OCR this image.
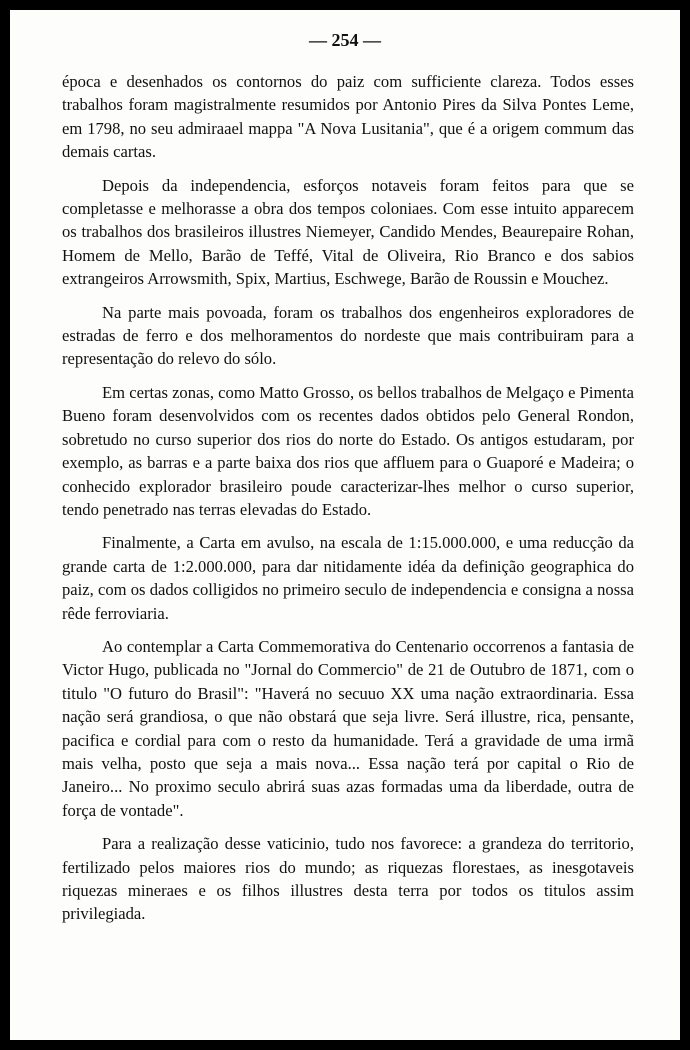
— 254 —

época e desenhados os contornos do paiz com sufficiente clareza. Todos esses trabalhos foram magistralmente resumidos por Antonio Pires da Silva Pontes Leme, em 1798, no seu admiraael mappa "A Nova Lusitania", que é a origem commum das demais cartas.

Depois da independencia, esforços notaveis foram feitos para que se completasse e melhorasse a obra dos tempos coloniaes. Com esse intuito apparecem os trabalhos dos brasileiros illustres Niemeyer, Candido Mendes, Beaurepaire Rohan, Homem de Mello, Barão de Teffé, Vital de Oliveira, Rio Branco e dos sabios extrangeiros Arrowsmith, Spix, Martius, Eschwege, Barão de Roussin e Mouchez.

Na parte mais povoada, foram os trabalhos dos engenheiros exploradores de estradas de ferro e dos melhoramentos do nordeste que mais contribuiram para a representação do relevo do sólo.

Em certas zonas, como Matto Grosso, os bellos trabalhos de Melgaço e Pimenta Bueno foram desenvolvidos com os recentes dados obtidos pelo General Rondon, sobretudo no curso superior dos rios do norte do Estado. Os antigos estudaram, por exemplo, as barras e a parte baixa dos rios que affluem para o Guaporé e Madeira; o conhecido explorador brasileiro poude caracterizar-lhes melhor o curso superior, tendo penetrado nas terras elevadas do Estado.

Finalmente, a Carta em avulso, na escala de 1:15.000.000, e uma reducção da grande carta de 1:2.000.000, para dar nitidamente idéa da definição geographica do paiz, com os dados colligidos no primeiro seculo de independencia e consigna a nossa rêde ferroviaria.

Ao contemplar a Carta Commemorativa do Centenario occorrenos a fantasia de Victor Hugo, publicada no "Jornal do Commercio" de 21 de Outubro de 1871, com o titulo "O futuro do Brasil": "Haverá no secuuo XX uma nação extraordinaria. Essa nação será grandiosa, o que não obstará que seja livre. Será illustre, rica, pensante, pacifica e cordial para com o resto da humanidade. Terá a gravidade de uma irmã mais velha, posto que seja a mais nova... Essa nação terá por capital o Rio de Janeiro... No proximo seculo abrirá suas azas formadas uma da liberdade, outra de força de vontade".

Para a realização desse vaticinio, tudo nos favorece: a grandeza do territorio, fertilizado pelos maiores rios do mundo; as riquezas florestaes, as inesgotaveis riquezas mineraes e os filhos illustres desta terra por todos os titulos assim privilegiada.
